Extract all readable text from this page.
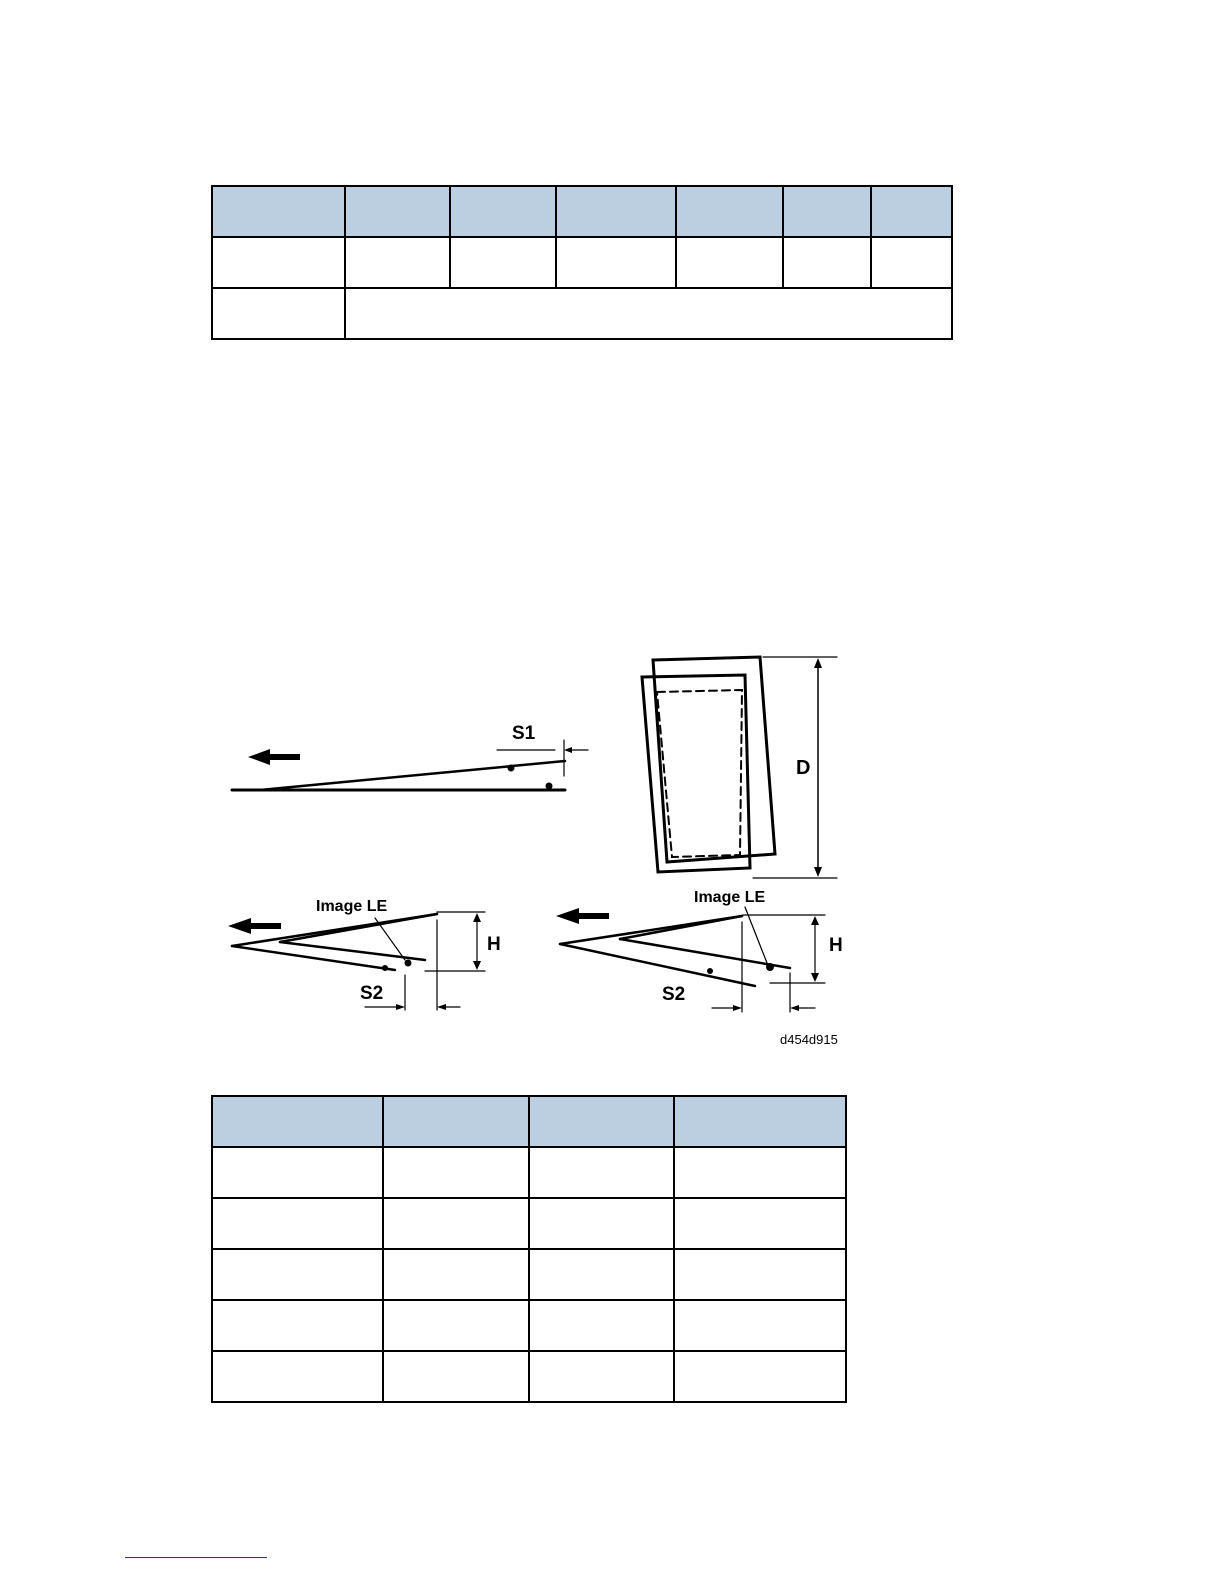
S1
D
H
Image LE
S2
H
Image LE
S2
d454d915
